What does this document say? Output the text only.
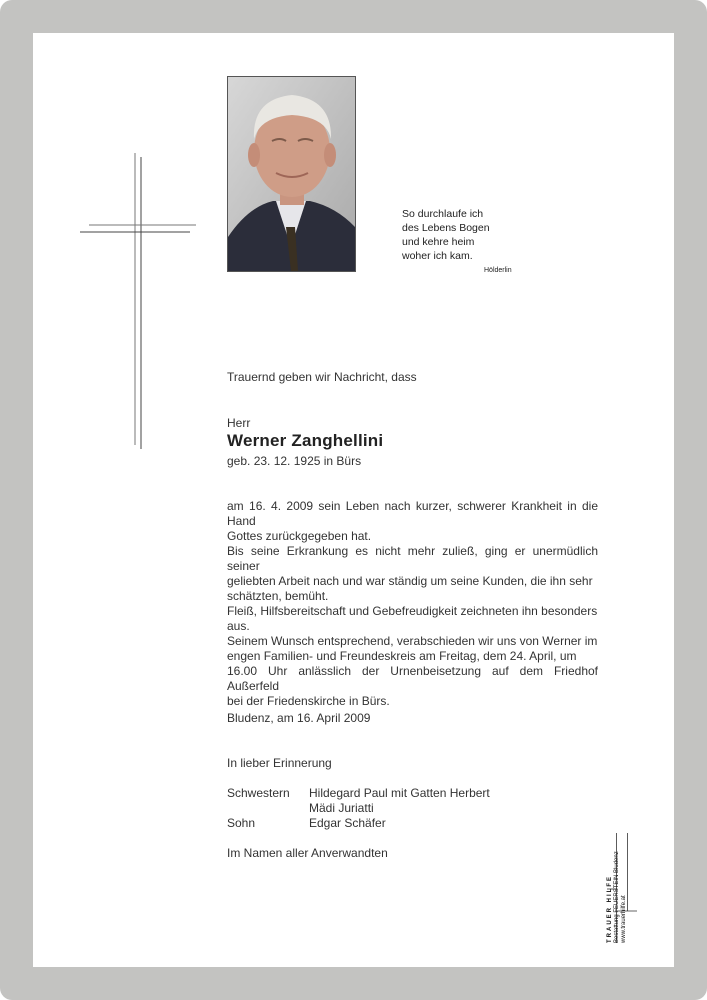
So durchlaufe ich
des Lebens Bogen
und kehre heim
woher ich kam.
Hölderlin
Trauernd geben wir Nachricht, dass
Herr
Werner Zanghellini
geb. 23. 12. 1925 in Bürs
am 16. 4. 2009 sein Leben nach kurzer, schwerer Krankheit in die Hand
Gottes zurückgegeben hat.
Bis seine Erkrankung es nicht mehr zuließ, ging er unermüdlich seiner
geliebten Arbeit nach und war ständig um seine Kunden, die ihn sehr
schätzten, bemüht.
Fleiß, Hilfsbereitschaft und Gebefreudigkeit zeichneten ihn besonders
aus.
Seinem Wunsch entsprechend, verabschieden wir uns von Werner im
engen Familien- und Freundeskreis am Freitag, dem 24. April, um
16.00 Uhr anlässlich der Urnenbeisetzung auf dem Friedhof Außerfeld
bei der Friedenskirche in Bürs.
Bludenz, am 16. April 2009
In lieber Erinnerung
Schwestern	Hildegard Paul mit Gatten Herbert
Mädi Juriatti
Sohn	Edgar Schäfer
Im Namen aller Anverwandten
TRAUER HILFE Bestattung FEUERSTEIN Bludenz www.trauerhilfe.at
